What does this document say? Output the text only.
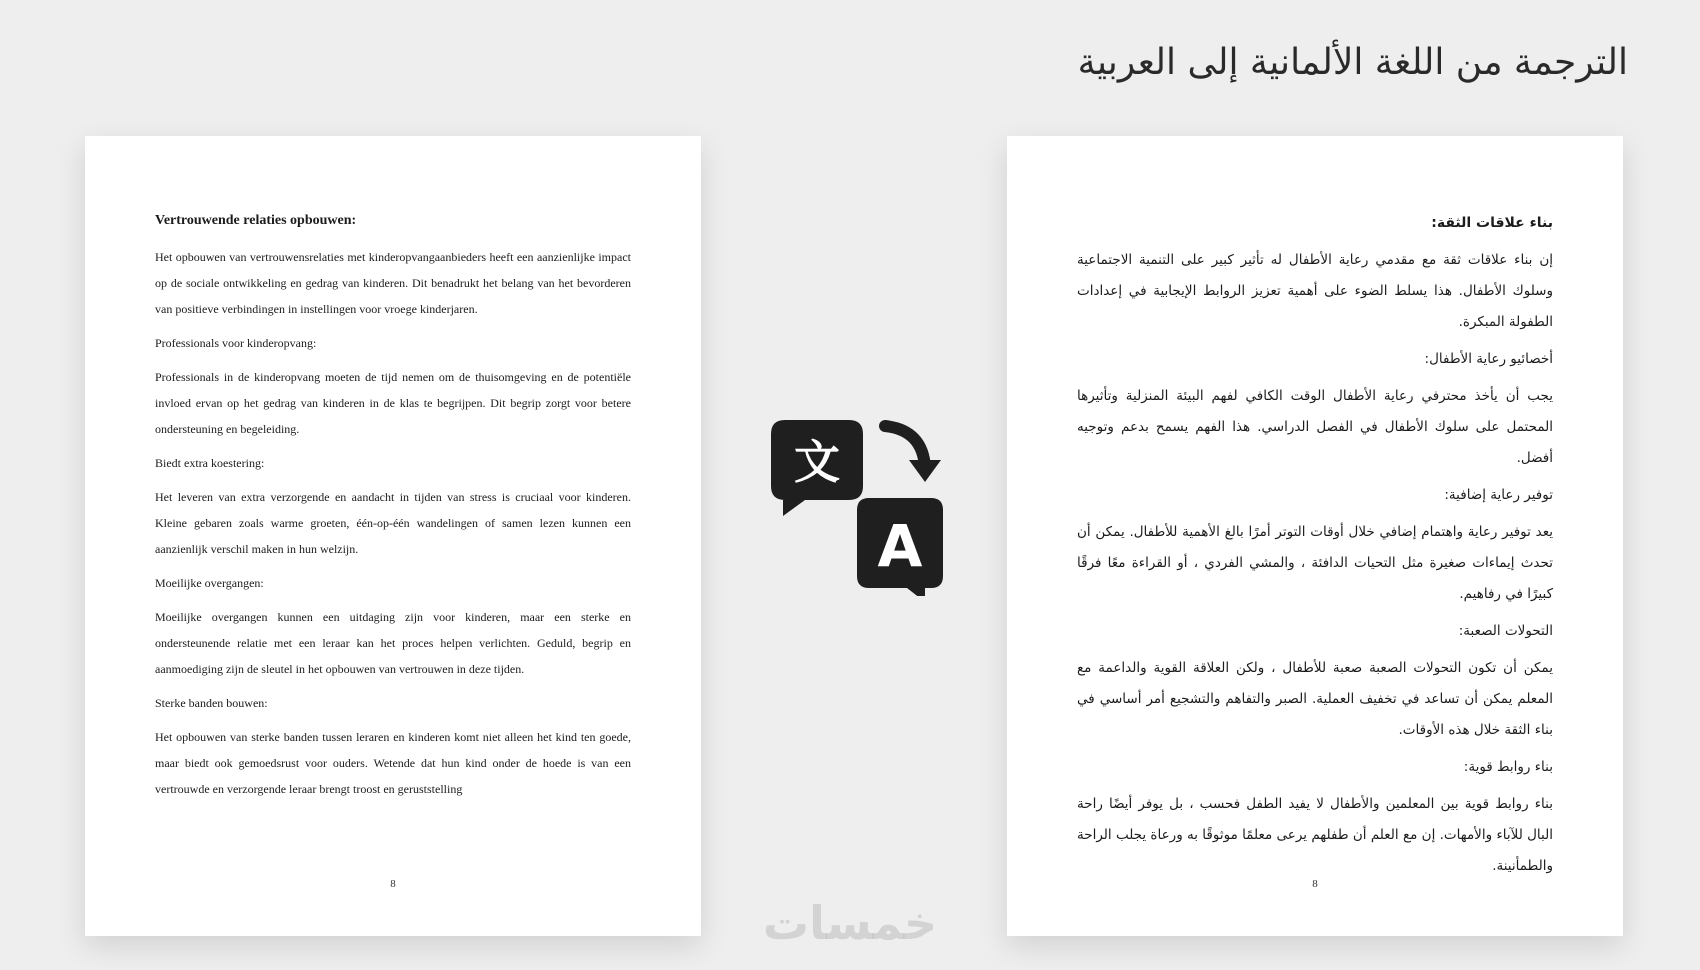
الترجمة من اللغة الألمانية إلى العربية
Vertrouwende relaties opbouwen:

Het opbouwen van vertrouwensrelaties met kinderopvangaanbieders heeft een aanzienlijke impact op de sociale ontwikkeling en gedrag van kinderen. Dit benadrukt het belang van het bevorderen van positieve verbindingen in instellingen voor vroege kinderjaren.

Professionals voor kinderopvang:

Professionals in de kinderopvang moeten de tijd nemen om de thuisomgeving en de potentiële invloed ervan op het gedrag van kinderen in de klas te begrijpen. Dit begrip zorgt voor betere ondersteuning en begeleiding.

Biedt extra koestering:

Het leveren van extra verzorgende en aandacht in tijden van stress is cruciaal voor kinderen. Kleine gebaren zoals warme groeten, één-op-één wandelingen of samen lezen kunnen een aanzienlijk verschil maken in hun welzijn.

Moeilijke overgangen:

Moeilijke overgangen kunnen een uitdaging zijn voor kinderen, maar een sterke en ondersteunende relatie met een leraar kan het proces helpen verlichten. Geduld, begrip en aanmoediging zijn de sleutel in het opbouwen van vertrouwen in deze tijden.

Sterke banden bouwen:

Het opbouwen van sterke banden tussen leraren en kinderen komt niet alleen het kind ten goede, maar biedt ook gemoedsrust voor ouders. Wetende dat hun kind onder de hoede is van een vertrouwde en verzorgende leraar brengt troost en geruststelling

8
文
A
بناء علاقات الثقة:

إن بناء علاقات ثقة مع مقدمي رعاية الأطفال له تأثير كبير على التنمية الاجتماعية وسلوك الأطفال. هذا يسلط الضوء على أهمية تعزيز الروابط الإيجابية في إعدادات الطفولة المبكرة.

أخصائيو رعاية الأطفال:

يجب أن يأخذ محترفي رعاية الأطفال الوقت الكافي لفهم البيئة المنزلية وتأثيرها المحتمل على سلوك الأطفال في الفصل الدراسي. هذا الفهم يسمح بدعم وتوجيه أفضل.

توفير رعاية إضافية:

يعد توفير رعاية واهتمام إضافي خلال أوقات التوتر أمرًا بالغ الأهمية للأطفال. يمكن أن تحدث إيماءات صغيرة مثل التحيات الدافئة ، والمشي الفردي ، أو القراءة معًا فرقًا كبيرًا في رفاهيم.

التحولات الصعبة:

يمكن أن تكون التحولات الصعبة صعبة للأطفال ، ولكن العلاقة القوية والداعمة مع المعلم يمكن أن تساعد في تخفيف العملية. الصبر والتفاهم والتشجيع أمر أساسي في بناء الثقة خلال هذه الأوقات.

بناء روابط قوية:

بناء روابط قوية بين المعلمين والأطفال لا يفيد الطفل فحسب ، بل يوفر أيضًا راحة البال للآباء والأمهات. إن مع العلم أن طفلهم يرعى معلمًا موثوقًا به ورعاة يجلب الراحة والطمأنينة.

8
خمسات
